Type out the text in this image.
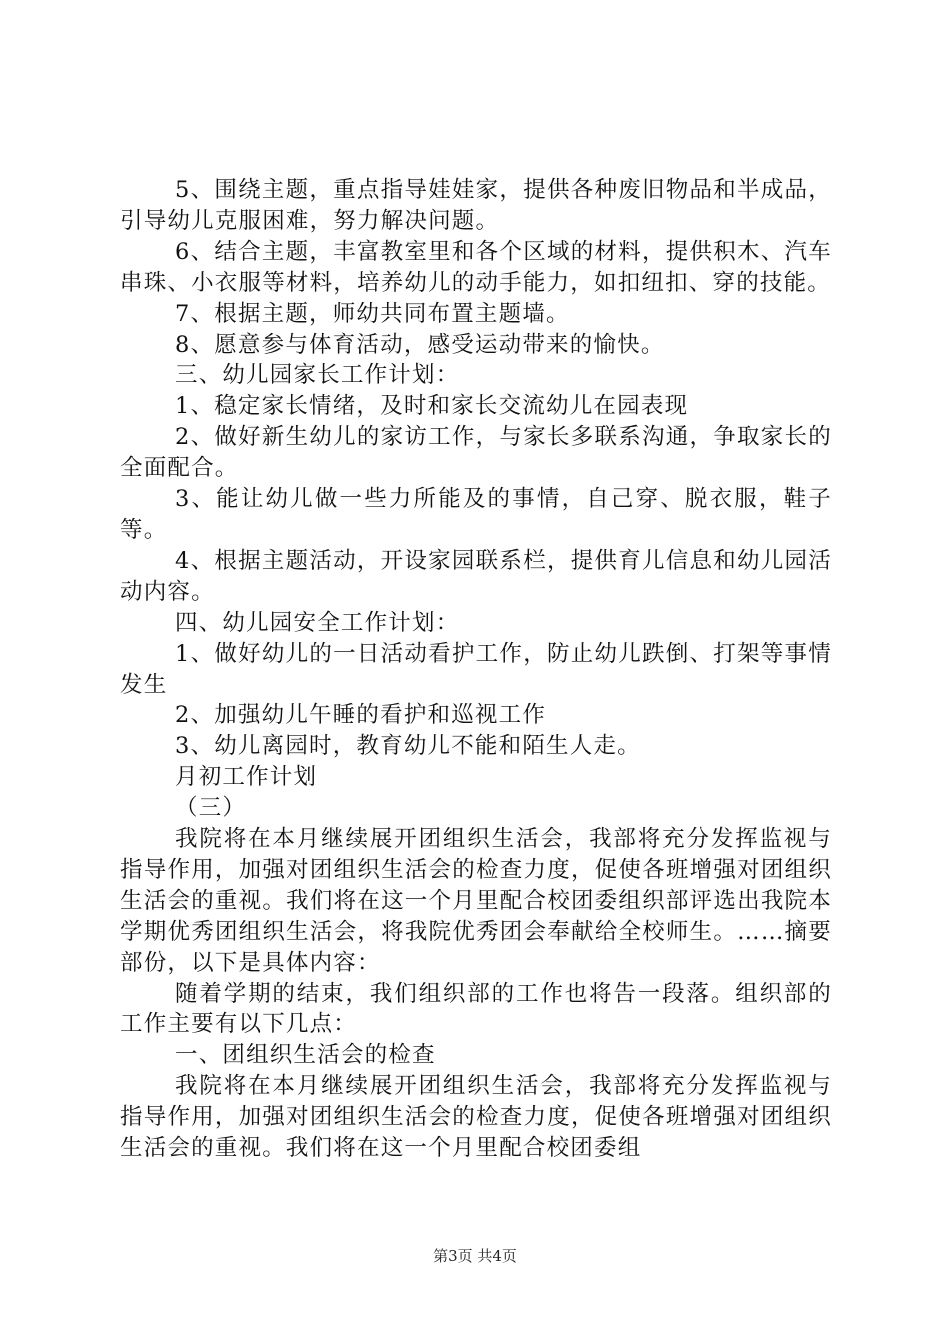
5、围绕主题，重点指导娃娃家，提供各种废旧物品和半成品，引导幼儿克服困难，努力解决问题。

6、结合主题，丰富教室里和各个区域的材料，提供积木、汽车串珠、小衣服等材料，培养幼儿的动手能力，如扣纽扣、穿的技能。

7、根据主题，师幼共同布置主题墙。

8、愿意参与体育活动，感受运动带来的愉快。

三、幼儿园家长工作计划：

1、稳定家长情绪，及时和家长交流幼儿在园表现

2、做好新生幼儿的家访工作，与家长多联系沟通，争取家长的全面配合。

3、能让幼儿做一些力所能及的事情，自己穿、脱衣服，鞋子等。

4、根据主题活动，开设家园联系栏，提供育儿信息和幼儿园活动内容。

四、幼儿园安全工作计划：

1、做好幼儿的一日活动看护工作，防止幼儿跌倒、打架等事情发生

2、加强幼儿午睡的看护和巡视工作

3、幼儿离园时，教育幼儿不能和陌生人走。

月初工作计划

（三）

我院将在本月继续展开团组织生活会，我部将充分发挥监视与指导作用，加强对团组织生活会的检查力度，促使各班增强对团组织生活会的重视。我们将在这一个月里配合校团委组织部评选出我院本学期优秀团组织生活会，将我院优秀团会奉献给全校师生。……摘要部份，以下是具体内容：

随着学期的结束，我们组织部的工作也将告一段落。组织部的工作主要有以下几点：

一、团组织生活会的检查

我院将在本月继续展开团组织生活会，我部将充分发挥监视与指导作用，加强对团组织生活会的检查力度，促使各班增强对团组织生活会的重视。我们将在这一个月里配合校团委组

第3页 共4页
